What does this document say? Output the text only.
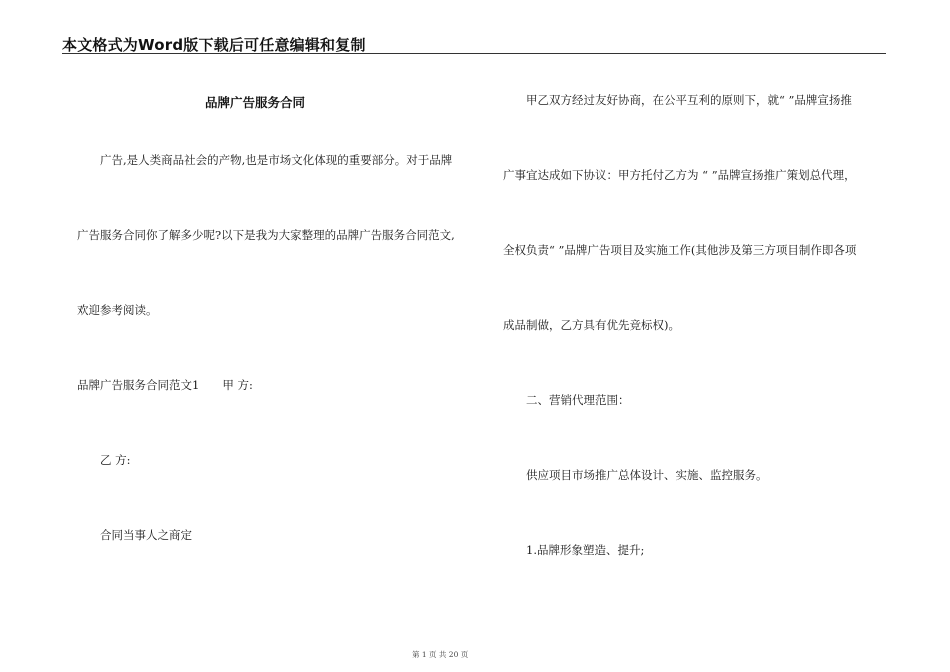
本文格式为Word版下载后可任意编辑和复制
品牌广告服务合同
广告,是人类商品社会的产物,也是市场文化体现的重要部分。对于品牌
广告服务合同你了解多少呢?以下是我为大家整理的品牌广告服务合同范文,
欢迎参考阅读。
品牌广告服务合同范文1　　甲 方:
乙 方:
合同当事人之商定
甲乙双方经过友好协商，在公平互利的原则下，就“ ”品牌宣扬推
广事宜达成如下协议：甲方托付乙方为 “ ”品牌宣扬推广策划总代理，
全权负责“ ”品牌广告项目及实施工作(其他涉及第三方项目制作即各项
成品制做，乙方具有优先竞标权)。
二、营销代理范围：
供应项目市场推广总体设计、实施、监控服务。
1.品牌形象塑造、提升;
第 1 页 共 20 页
